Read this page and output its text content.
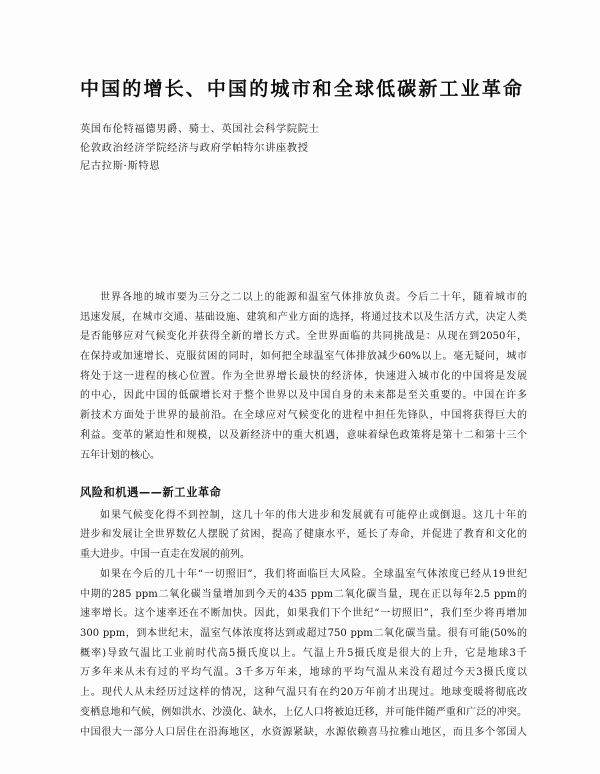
中国的增长、中国的城市和全球低碳新工业革命
英国布伦特福德男爵、骑士、英国社会科学院院士
伦敦政治经济学院经济与政府学帕特尔讲座教授
尼古拉斯·斯特恩
世界各地的城市要为三分之二以上的能源和温室气体排放负责。今后二十年，随着城市的
迅速发展，在城市交通、基础设施、建筑和产业方面的选择，将通过技术以及生活方式，决定人类
是否能够应对气候变化并获得全新的增长方式。全世界面临的共同挑战是：从现在到2050年，
在保持或加速增长、克服贫困的同时，如何把全球温室气体排放减少60%以上。毫无疑问，城市
将处于这一进程的核心位置。作为全世界增长最快的经济体，快速进入城市化的中国将是发展
的中心，因此中国的低碳增长对于整个世界以及中国自身的未来都是至关重要的。中国在许多
新技术方面处于世界的最前沿。在全球应对气候变化的进程中担任先锋队，中国将获得巨大的
利益。变革的紧迫性和规模，以及新经济中的重大机遇，意味着绿色政策将是第十二和第十三个
五年计划的核心。
风险和机遇——新工业革命
如果气候变化得不到控制，这几十年的伟大进步和发展就有可能停止或倒退。这几十年的
进步和发展让全世界数亿人摆脱了贫困，提高了健康水平，延长了寿命，并促进了教育和文化的
重大进步。中国一直走在发展的前列。
如果在今后的几十年“一切照旧”，我们将面临巨大风险。全球温室气体浓度已经从19世纪
中期的285 ppm二氧化碳当量增加到今天的435 ppm二氧化碳当量，现在正以每年2.5 ppm的
速率增长。这个速率还在不断加快。因此，如果我们下个世纪“一切照旧”，我们至少将再增加
300 ppm，到本世纪末，温室气体浓度将达到或超过750 ppm二氧化碳当量。很有可能(50%的
概率)导致气温比工业前时代高5摄氏度以上。气温上升5摄氏度是很大的上升，它是地球3千
万多年来从未有过的平均气温。3千多万年来，地球的平均气温从来没有超过今天3摄氏度以
上。现代人从未经历过这样的情况，这种气温只有在约20万年前才出现过。地球变暖将彻底改
变栖息地和气候，例如洪水、沙漠化、缺水，上亿人口将被迫迁移，并可能伴随严重和广泛的冲突。
中国很大一部分人口居住在沿海地区，水资源紧缺，水源依赖喜马拉雅山地区，而且多个邻国人
